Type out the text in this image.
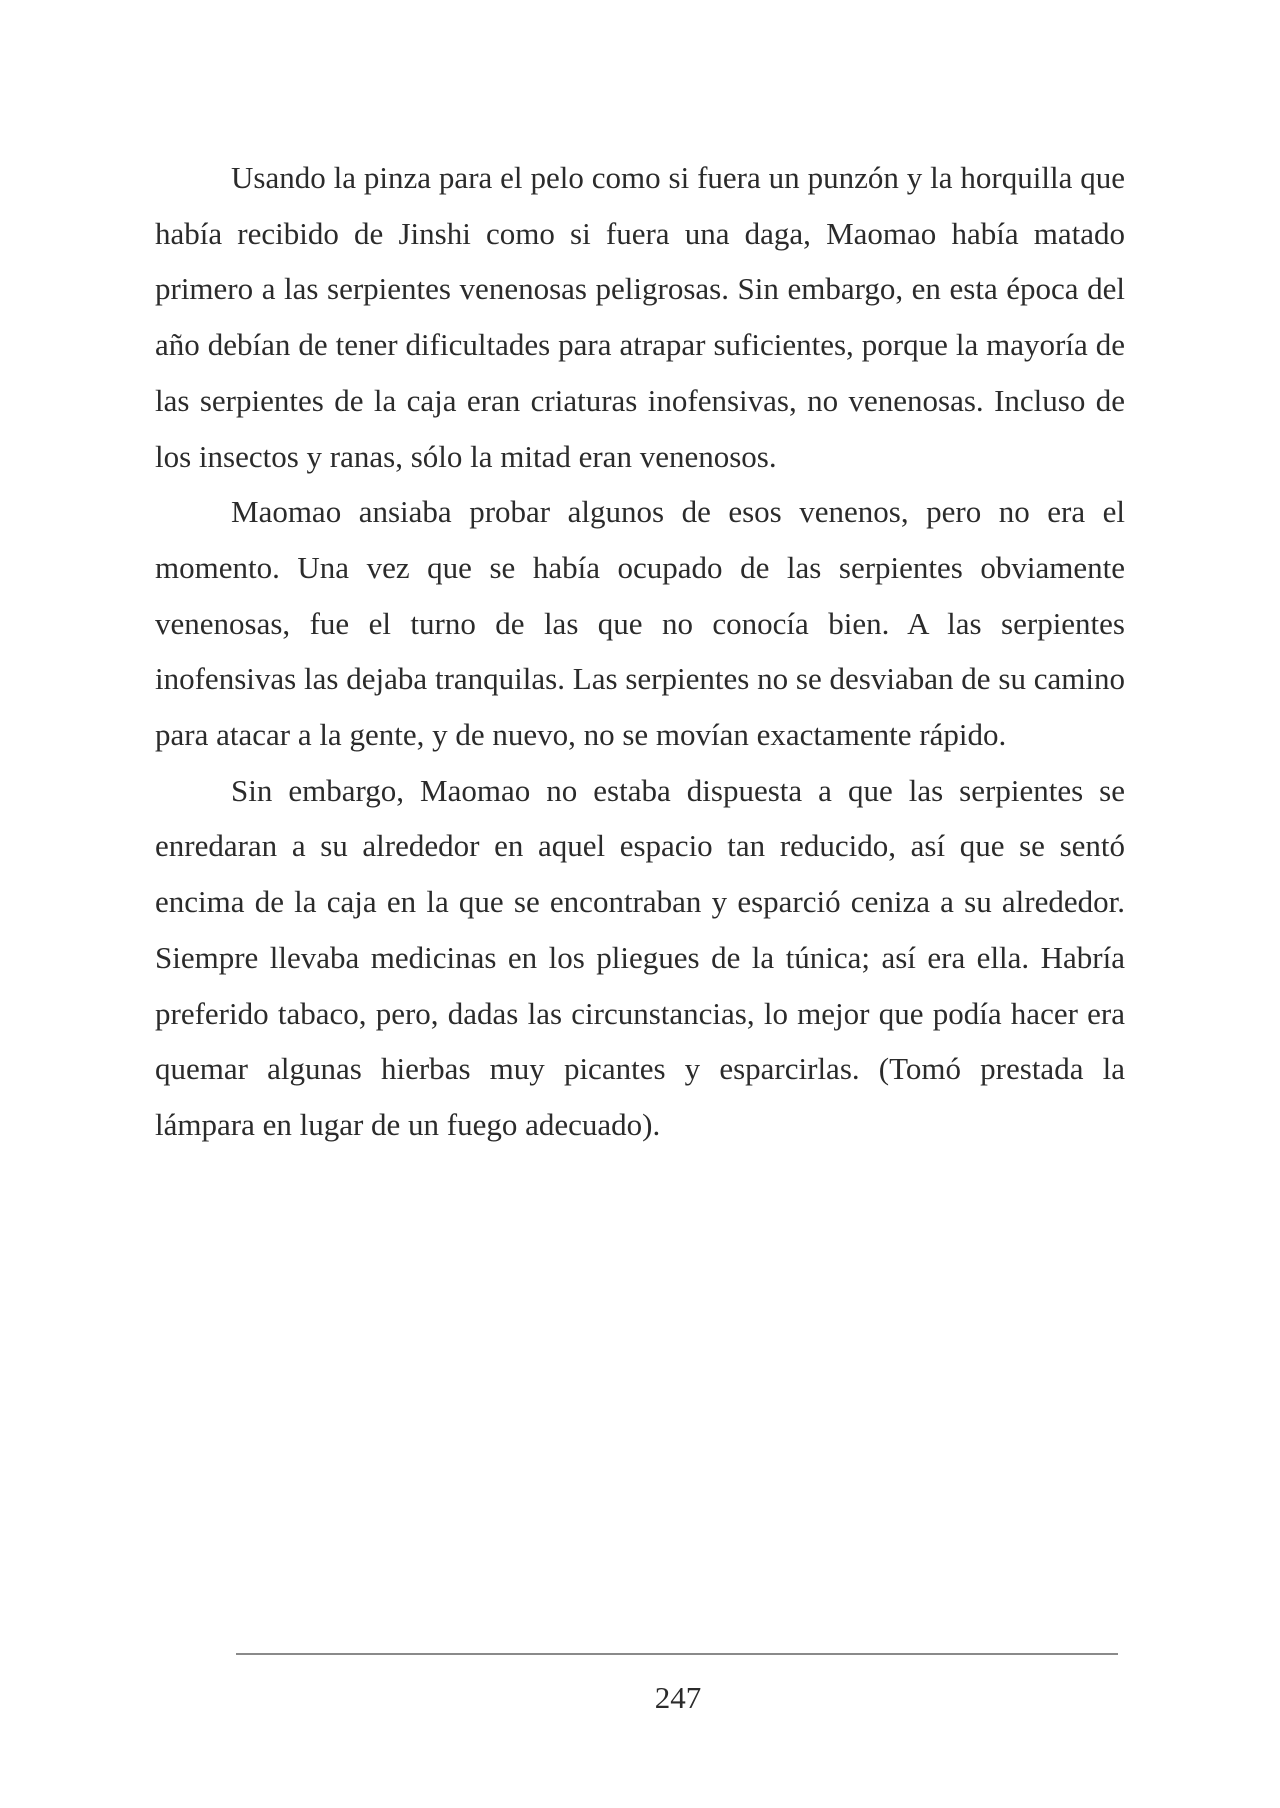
Usando la pinza para el pelo como si fuera un punzón y la horquilla que había recibido de Jinshi como si fuera una daga, Maomao había matado primero a las serpientes venenosas peligrosas. Sin embargo, en esta época del año debían de tener dificultades para atrapar suficientes, porque la mayoría de las serpientes de la caja eran criaturas inofensivas, no venenosas. Incluso de los insectos y ranas, sólo la mitad eran venenosos.

Maomao ansiaba probar algunos de esos venenos, pero no era el momento. Una vez que se había ocupado de las serpientes obviamente venenosas, fue el turno de las que no conocía bien. A las serpientes inofensivas las dejaba tranquilas. Las serpientes no se desviaban de su camino para atacar a la gente, y de nuevo, no se movían exactamente rápido.

Sin embargo, Maomao no estaba dispuesta a que las serpientes se enredaran a su alrededor en aquel espacio tan reducido, así que se sentó encima de la caja en la que se encontraban y esparció ceniza a su alrededor. Siempre llevaba medicinas en los pliegues de la túnica; así era ella. Habría preferido tabaco, pero, dadas las circunstancias, lo mejor que podía hacer era quemar algunas hierbas muy picantes y esparcirlas. (Tomó prestada la lámpara en lugar de un fuego adecuado).

247
